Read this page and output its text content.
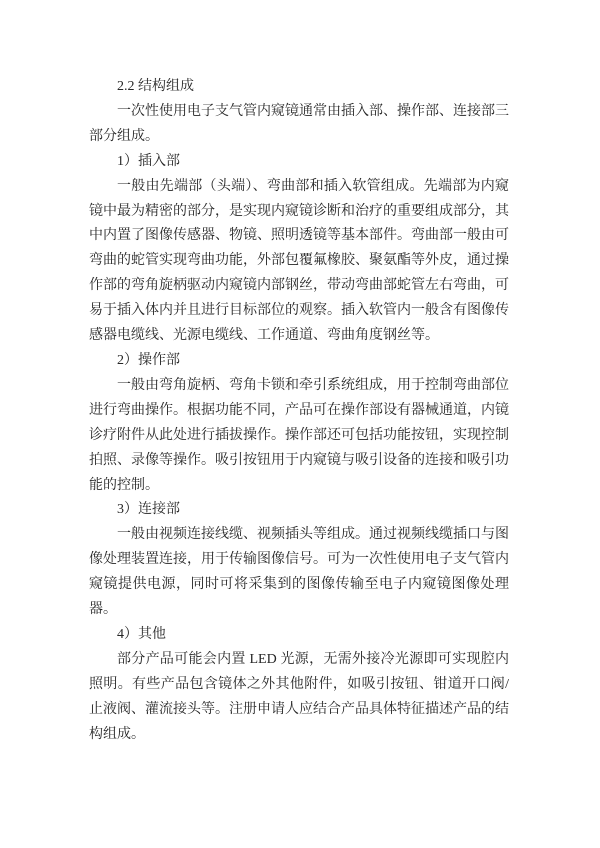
2.2 结构组成

一次性使用电子支气管内窥镜通常由插入部、操作部、连接部三部分组成。

1）插入部

一般由先端部（头端）、弯曲部和插入软管组成。先端部为内窥镜中最为精密的部分，是实现内窥镜诊断和治疗的重要组成部分，其中内置了图像传感器、物镜、照明透镜等基本部件。弯曲部一般由可弯曲的蛇管实现弯曲功能，外部包覆氟橡胶、聚氨酯等外皮，通过操作部的弯角旋柄驱动内窥镜内部钢丝，带动弯曲部蛇管左右弯曲，可易于插入体内并且进行目标部位的观察。插入软管内一般含有图像传感器电缆线、光源电缆线、工作通道、弯曲角度钢丝等。

2）操作部

一般由弯角旋柄、弯角卡锁和牵引系统组成，用于控制弯曲部位进行弯曲操作。根据功能不同，产品可在操作部设有器械通道，内镜诊疗附件从此处进行插拔操作。操作部还可包括功能按钮，实现控制拍照、录像等操作。吸引按钮用于内窥镜与吸引设备的连接和吸引功能的控制。

3）连接部

一般由视频连接线缆、视频插头等组成。通过视频线缆插口与图像处理装置连接，用于传输图像信号。可为一次性使用电子支气管内窥镜提供电源，同时可将采集到的图像传输至电子内窥镜图像处理器。

4）其他

部分产品可能会内置 LED 光源，无需外接冷光源即可实现腔内照明。有些产品包含镜体之外其他附件，如吸引按钮、钳道开口阀/止液阀、灌流接头等。注册申请人应结合产品具体特征描述产品的结构组成。
